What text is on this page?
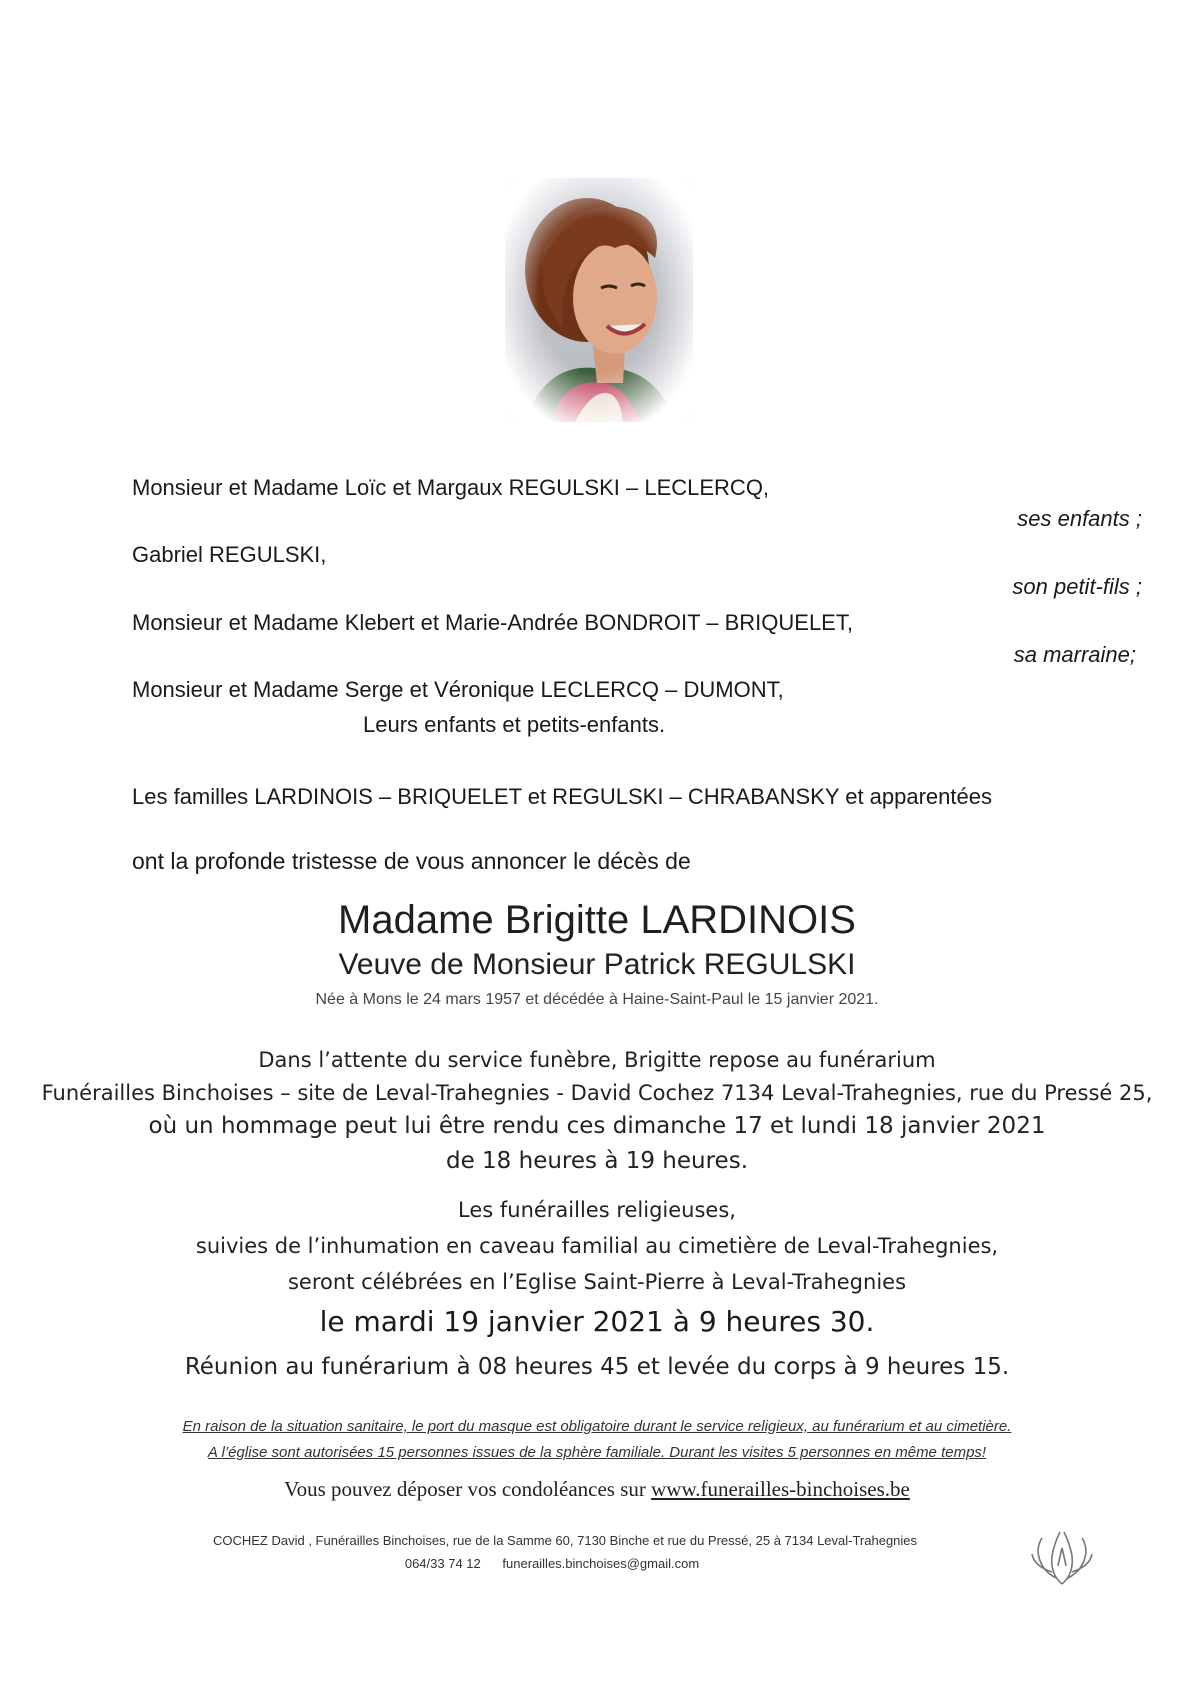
Monsieur et Madame Loïc et Margaux REGULSKI – LECLERCQ,
ses enfants ;
Gabriel REGULSKI,
son petit-fils ;
Monsieur et Madame Klebert et Marie-Andrée BONDROIT – BRIQUELET,
sa marraine;
Monsieur et Madame Serge et Véronique LECLERCQ – DUMONT,
Leurs enfants et petits-enfants.
Les familles LARDINOIS – BRIQUELET et REGULSKI – CHRABANSKY et apparentées
ont la profonde tristesse de vous annoncer le décès de
Madame Brigitte LARDINOIS
Veuve de Monsieur Patrick REGULSKI
Née à Mons le 24 mars 1957 et décédée à Haine-Saint-Paul le 15 janvier 2021.
Dans l’attente du service funèbre, Brigitte repose au funérarium
Funérailles Binchoises – site de Leval-Trahegnies - David Cochez 7134 Leval-Trahegnies, rue du Pressé 25,
où un hommage peut lui être rendu ces dimanche 17 et lundi 18 janvier 2021
de 18 heures à 19 heures.
Les funérailles religieuses,
suivies de l’inhumation en caveau familial au cimetière de Leval-Trahegnies,
seront célébrées en l’Eglise Saint-Pierre à Leval-Trahegnies
le mardi 19 janvier 2021 à 9 heures 30.
Réunion au funérarium à 08 heures 45 et levée du corps à 9 heures 15.
En raison de la situation sanitaire, le port du masque est obligatoire durant le service religieux, au funérarium et au cimetière.
A l’église sont autorisées 15 personnes issues de la sphère familiale. Durant les visites 5 personnes en même temps!
Vous pouvez déposer vos condoléances sur www.funerailles-binchoises.be
COCHEZ David , Funérailles Binchoises, rue de la Samme 60, 7130 Binche et rue du Pressé, 25 à 7134 Leval-Trahegnies
064/33 74 12 funerailles.binchoises@gmail.com
